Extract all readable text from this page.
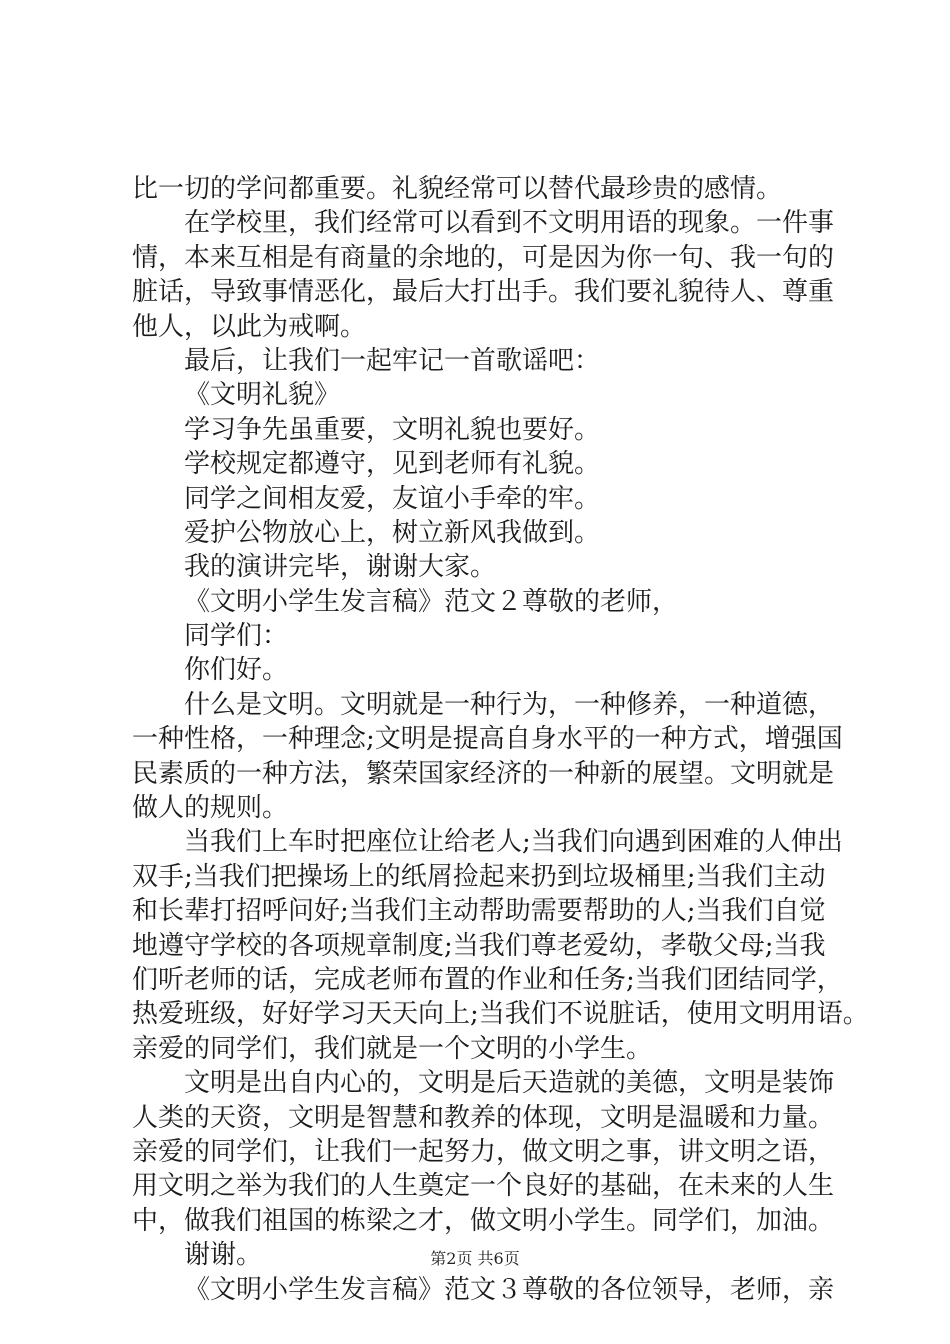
比一切的学问都重要。礼貌经常可以替代最珍贵的感情。
在学校里，我们经常可以看到不文明用语的现象。一件事
情，本来互相是有商量的余地的，可是因为你一句、我一句的
脏话，导致事情恶化，最后大打出手。我们要礼貌待人、尊重
他人，以此为戒啊。
最后，让我们一起牢记一首歌谣吧：
《文明礼貌》
学习争先虽重要，文明礼貌也要好。
学校规定都遵守，见到老师有礼貌。
同学之间相友爱，友谊小手牵的牢。
爱护公物放心上，树立新风我做到。
我的演讲完毕，谢谢大家。
《文明小学生发言稿》范文２尊敬的老师，
同学们：
你们好。
什么是文明。文明就是一种行为，一种修养，一种道德，
一种性格，一种理念;文明是提高自身水平的一种方式，增强国
民素质的一种方法，繁荣国家经济的一种新的展望。文明就是
做人的规则。
当我们上车时把座位让给老人;当我们向遇到困难的人伸出
双手;当我们把操场上的纸屑捡起来扔到垃圾桶里;当我们主动
和长辈打招呼问好;当我们主动帮助需要帮助的人;当我们自觉
地遵守学校的各项规章制度;当我们尊老爱幼，孝敬父母;当我
们听老师的话，完成老师布置的作业和任务;当我们团结同学，
热爱班级，好好学习天天向上;当我们不说脏话，使用文明用语。
亲爱的同学们，我们就是一个文明的小学生。
文明是出自内心的，文明是后天造就的美德，文明是装饰
人类的天资，文明是智慧和教养的体现，文明是温暖和力量。
亲爱的同学们，让我们一起努力，做文明之事，讲文明之语，
用文明之举为我们的人生奠定一个良好的基础，在未来的人生
中，做我们祖国的栋梁之才，做文明小学生。同学们，加油。
谢谢。
《文明小学生发言稿》范文３尊敬的各位领导，老师，亲
第2页 共6页
